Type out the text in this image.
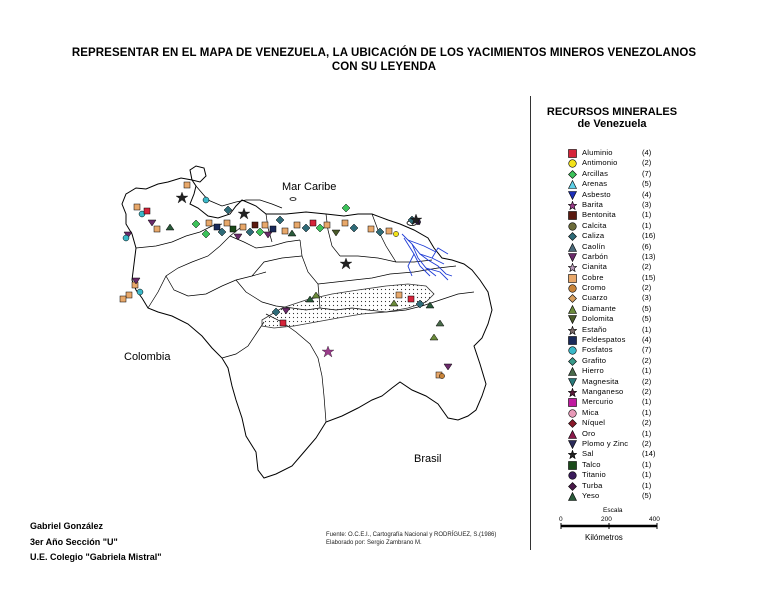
REPRESENTAR EN EL MAPA DE VENEZUELA, LA UBICACIÓN DE LOS YACIMIENTOS MINEROS VENEZOLANOS
CON SU LEYENDA
Mar Caribe
Colombia
Brasil
RECURSOS MINERALES
de Venezuela
Aluminio	(4)
Antimonio	(2)
Arcillas	(7)
Arenas	(5)
Asbesto	(4)
Barita	(3)
Bentonita	(1)
Calcita	(1)
Caliza	(16)
Caolín	(6)
Carbón	(13)
Cianita	(2)
Cobre	(15)
Cromo	(2)
Cuarzo	(3)
Diamante	(5)
Dolomita	(5)
Estaño	(1)
Feldespatos (4)
Fosfatos	(7)
Grafito	(2)
Hierro	(1)
Magnesita	(2)
Manganeso (2)
Mercurio	(1)
Mica	(1)
Níquel	(2)
Oro	(1)
Plomo y Zinc (2)
Sal	(14)
Talco	(1)
Titanio	(1)
Turba	(1)
Yeso	(5)
Escala
0	200	400
Kilómetros
Fuente: O.C.E.I., Cartografía Nacional y RODRÍGUEZ, S.(1986)
Elaborado por: Sergio Zambrano M.
Gabriel González
3er Año Sección "U"
U.E. Colegio "Gabriela Mistral"
